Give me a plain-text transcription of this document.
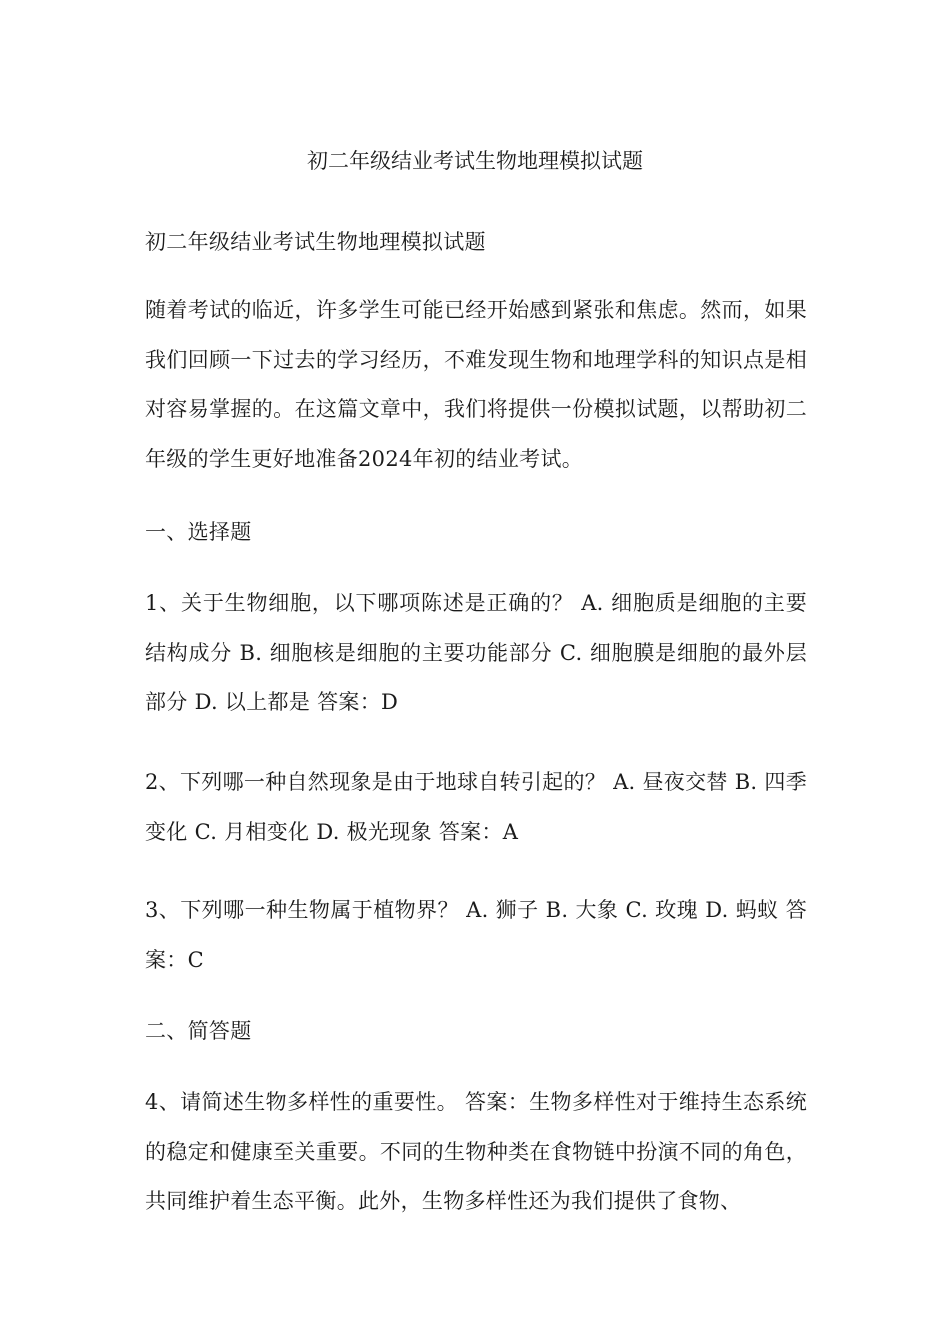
初二年级结业考试生物地理模拟试题

初二年级结业考试生物地理模拟试题

随着考试的临近，许多学生可能已经开始感到紧张和焦虑。然而，如果我们回顾一下过去的学习经历，不难发现生物和地理学科的知识点是相对容易掌握的。在这篇文章中，我们将提供一份模拟试题，以帮助初二年级的学生更好地准备2024年初的结业考试。

一、选择题

1、关于生物细胞，以下哪项陈述是正确的？ A. 细胞质是细胞的主要结构成分 B. 细胞核是细胞的主要功能部分 C. 细胞膜是细胞的最外层部分 D. 以上都是 答案：D

2、下列哪一种自然现象是由于地球自转引起的？ A. 昼夜交替 B. 四季变化 C. 月相变化 D. 极光现象 答案：A

3、下列哪一种生物属于植物界？ A. 狮子 B. 大象 C. 玫瑰 D. 蚂蚁 答案：C

二、简答题

4、请简述生物多样性的重要性。 答案：生物多样性对于维持生态系统的稳定和健康至关重要。不同的生物种类在食物链中扮演不同的角色，共同维护着生态平衡。此外，生物多样性还为我们提供了食物、
